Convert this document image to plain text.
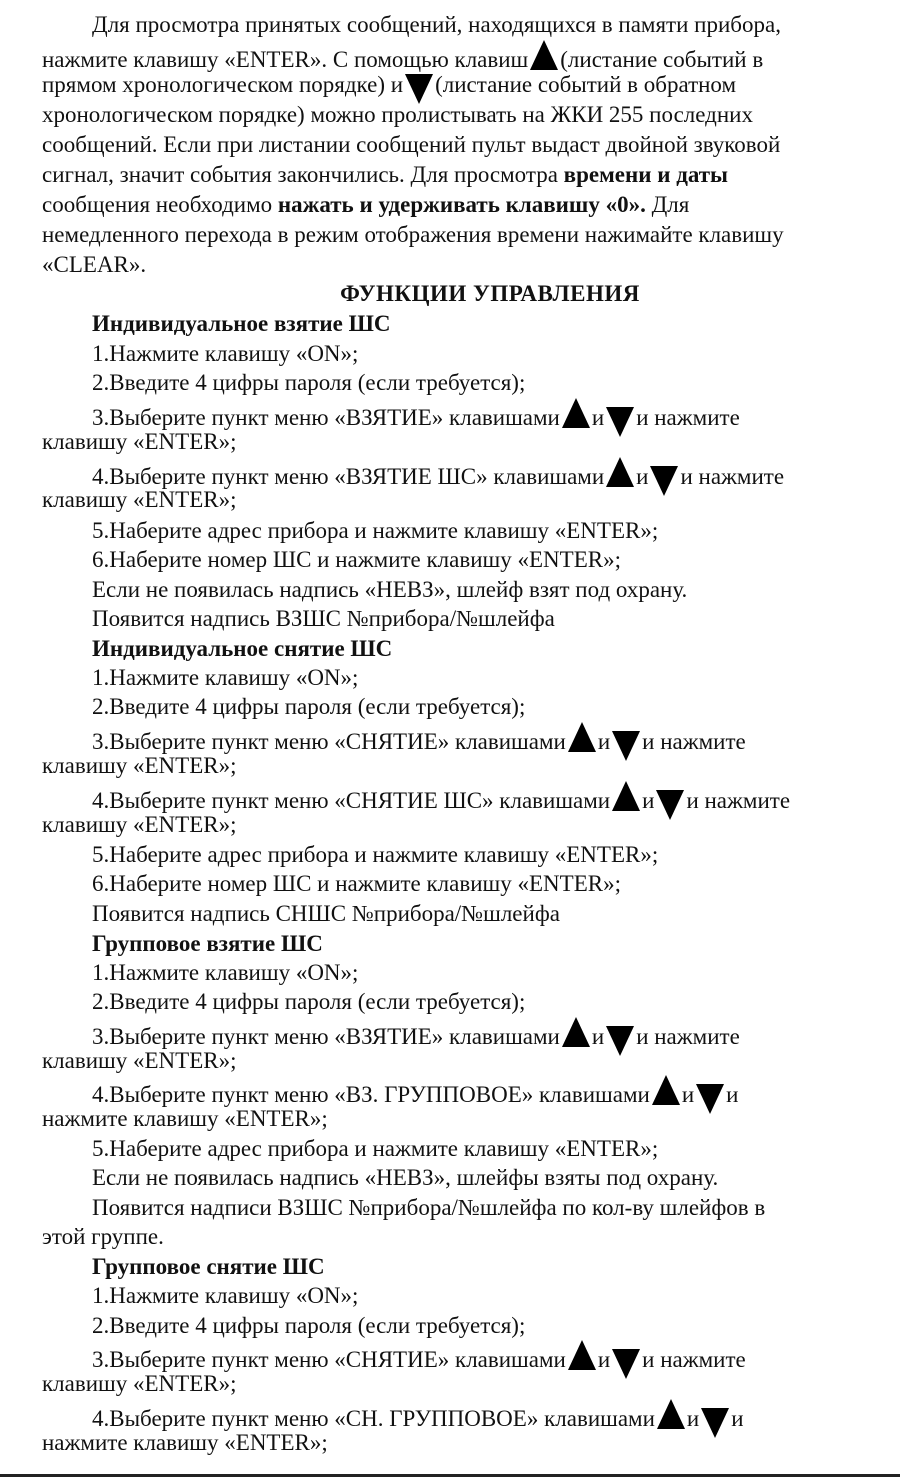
Для просмотра принятых сообщений, находящихся в памяти прибора,
нажмите клавишу «ENTER». С помощью клавиш (листание событий в
прямом хронологическом порядке) и (листание событий в обратном
хронологическом порядке) можно пролистывать на ЖКИ 255 последних
сообщений. Если при листании сообщений пульт выдаст двойной звуковой
сигнал, значит события закончились. Для просмотра времени и даты
сообщения необходимо нажать и удерживать клавишу «0». Для
немедленного перехода в режим отображения времени нажимайте клавишу
«CLEAR».
ФУНКЦИИ УПРАВЛЕНИЯ
Индивидуальное взятие ШС
1.Нажмите клавишу «ON»;
2.Введите 4 цифры пароля (если требуется);
3.Выберите пункт меню «ВЗЯТИЕ» клавишами и и нажмите
клавишу «ENTER»;
4.Выберите пункт меню «ВЗЯТИЕ ШС» клавишами и и нажмите
клавишу «ENTER»;
5.Наберите адрес прибора и нажмите клавишу «ENTER»;
6.Наберите номер ШС и нажмите клавишу «ENTER»;
Если не появилась надпись «НЕВЗ», шлейф взят под охрану.
Появится надпись ВЗШС №прибора/№шлейфа
Индивидуальное снятие ШС
1.Нажмите клавишу «ON»;
2.Введите 4 цифры пароля (если требуется);
3.Выберите пункт меню «СНЯТИЕ» клавишами и и нажмите
клавишу «ENTER»;
4.Выберите пункт меню «СНЯТИЕ ШС» клавишами и и нажмите
клавишу «ENTER»;
5.Наберите адрес прибора и нажмите клавишу «ENTER»;
6.Наберите номер ШС и нажмите клавишу «ENTER»;
Появится надпись СНШС №прибора/№шлейфа
Групповое взятие ШС
1.Нажмите клавишу «ON»;
2.Введите 4 цифры пароля (если требуется);
3.Выберите пункт меню «ВЗЯТИЕ» клавишами и и нажмите
клавишу «ENTER»;
4.Выберите пункт меню «ВЗ. ГРУППОВОЕ» клавишами и и
нажмите клавишу «ENTER»;
5.Наберите адрес прибора и нажмите клавишу «ENTER»;
Если не появилась надпись «НЕВЗ», шлейфы взяты под охрану.
Появится надписи ВЗШС №прибора/№шлейфа по кол-ву шлейфов в
этой группе.
Групповое снятие ШС
1.Нажмите клавишу «ON»;
2.Введите 4 цифры пароля (если требуется);
3.Выберите пункт меню «СНЯТИЕ» клавишами и и нажмите
клавишу «ENTER»;
4.Выберите пункт меню «СН. ГРУППОВОЕ» клавишами и и
нажмите клавишу «ENTER»;
